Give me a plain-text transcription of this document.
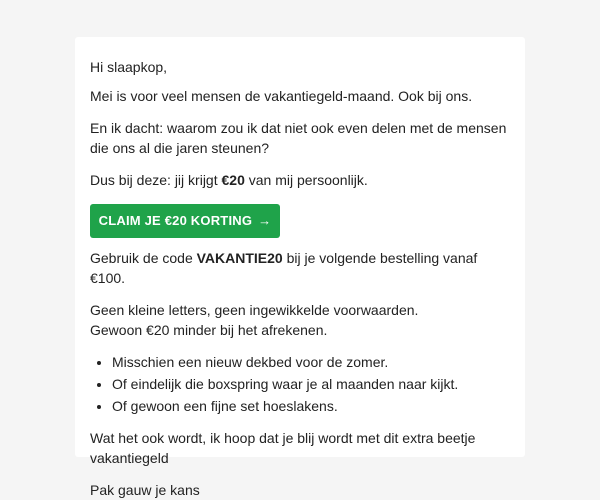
Hi slaapkop,

Mei is voor veel mensen de vakantiegeld-maand. Ook bij ons.

En ik dacht: waarom zou ik dat niet ook even delen met de mensen die ons al die jaren steunen?

Dus bij deze: jij krijgt €20 van mij persoonlijk.

CLAIM JE €20 KORTING →

Gebruik de code VAKANTIE20 bij je volgende bestelling vanaf €100.

Geen kleine letters, geen ingewikkelde voorwaarden.
Gewoon €20 minder bij het afrekenen.

• Misschien een nieuw dekbed voor de zomer.
• Of eindelijk die boxspring waar je al maanden naar kijkt.
• Of gewoon een fijne set hoeslakens.

Wat het ook wordt, ik hoop dat je blij wordt met dit extra beetje vakantiegeld

Pak gauw je kans
